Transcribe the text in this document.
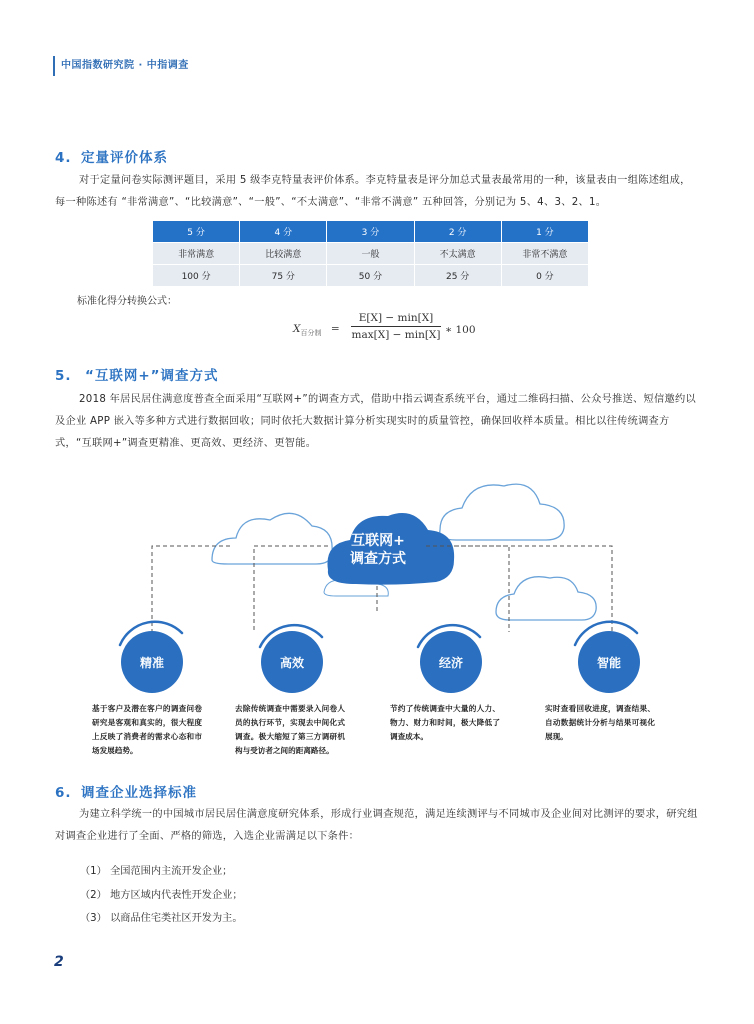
中国指数研究院 · 中指调查
4. 定量评价体系

对于定量问卷实际测评题目，采用 5 级李克特量表评价体系。李克特量表是评分加总式量表最常用的一种，该量表由一组陈述组成，每一种陈述有 “非常满意”、“比较满意”、“一般”、“不太满意”、“非常不满意” 五种回答，分别记为 5、4、3、2、1。

5 分	4 分	3 分	2 分	1 分
非常满意	比较满意	一般	不太满意	非常不满意
100 分	75 分	50 分	25 分	0 分
标准化得分转换公式：
$X_{百分制}$ =
E[X] − min[X]
max[X] − min[X] ∗ 100
5. “互联网+”调查方式

2018 年居民居住满意度普查全面采用“互联网+”的调查方式，借助中指云调查系统平台，通过二维码扫描、公众号推送、短信邀约以及企业 APP 嵌入等多种方式进行数据回收；同时依托大数据计算分析实现实时的质量管控，确保回收样本质量。相比以往传统调查方式，“互联网+”调查更精准、更高效、更经济、更智能。

互联网+
调查方式
精准	高效	经济	智能
基于客户及潜在客户的调查问卷研究是客观和真实的，很大程度上反映了消费者的需求心态和市场发展趋势。
去除传统调查中需要录入问卷人员的执行环节，实现去中间化式调查。极大缩短了第三方调研机构与受访者之间的距离路径。
节约了传统调查中大量的人力、物力、财力和时间，极大降低了调查成本。
实时查看回收进度，调查结果、自动数据统计分析与结果可视化展现。
6. 调查企业选择标准

为建立科学统一的中国城市居民居住满意度研究体系，形成行业调查规范，满足连续测评与不同城市及企业间对比测评的要求，研究组对调查企业进行了全面、严格的筛选，入选企业需满足以下条件：

（1） 全国范围内主流开发企业；
（2） 地方区域内代表性开发企业；
（3） 以商品住宅类社区开发为主。
2
